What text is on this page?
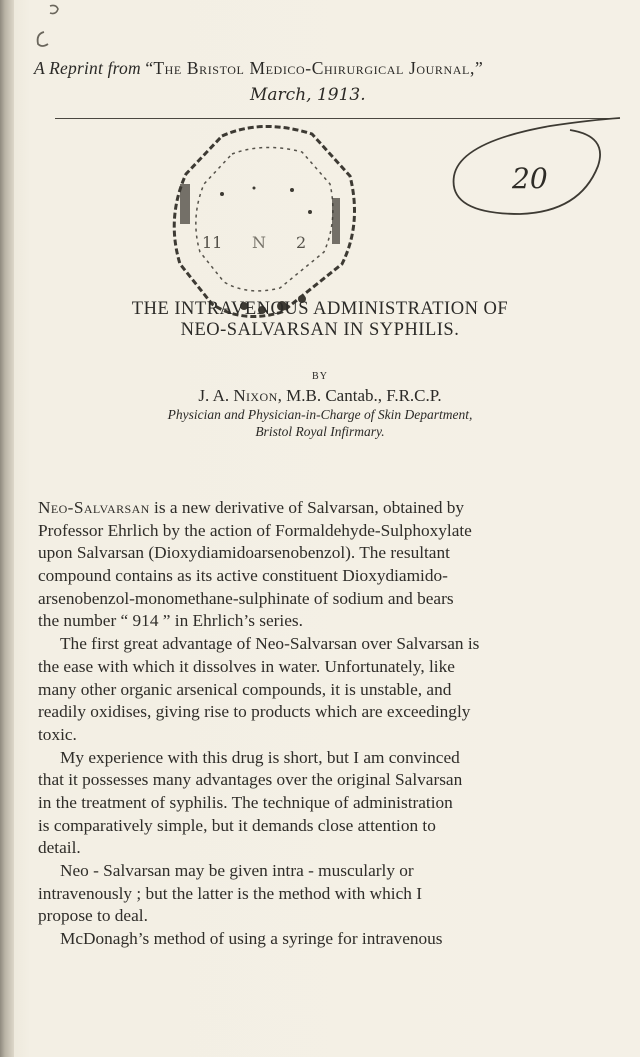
A Reprint from “The Bristol Medico-Chirurgical Journal,”
March, 1913.
11 N 2
20
THE INTRAVENOUS ADMINISTRATION OF
NEO-SALVARSAN IN SYPHILIS.
BY
J. A. Nixon, M.B. Cantab., F.R.C.P.
Physician and Physician-in-Charge of Skin Department,
Bristol Royal Infirmary.
Neo-Salvarsan is a new derivative of Salvarsan, obtained by
Professor Ehrlich by the action of Formaldehyde-Sulphoxylate
upon Salvarsan (Dioxydiamidoarsenobenzol). The resultant
compound contains as its active constituent Dioxydiamido-
arsenobenzol-monomethane-sulphinate of sodium and bears
the number “ 914 ” in Ehrlich’s series.
The first great advantage of Neo-Salvarsan over Salvarsan is
the ease with which it dissolves in water. Unfortunately, like
many other organic arsenical compounds, it is unstable, and
readily oxidises, giving rise to products which are exceedingly
toxic.
My experience with this drug is short, but I am convinced
that it possesses many advantages over the original Salvarsan
in the treatment of syphilis. The technique of administration
is comparatively simple, but it demands close attention to
detail.
Neo - Salvarsan may be given intra - muscularly or
intravenously ; but the latter is the method with which I
propose to deal.
McDonagh’s method of using a syringe for intravenous
